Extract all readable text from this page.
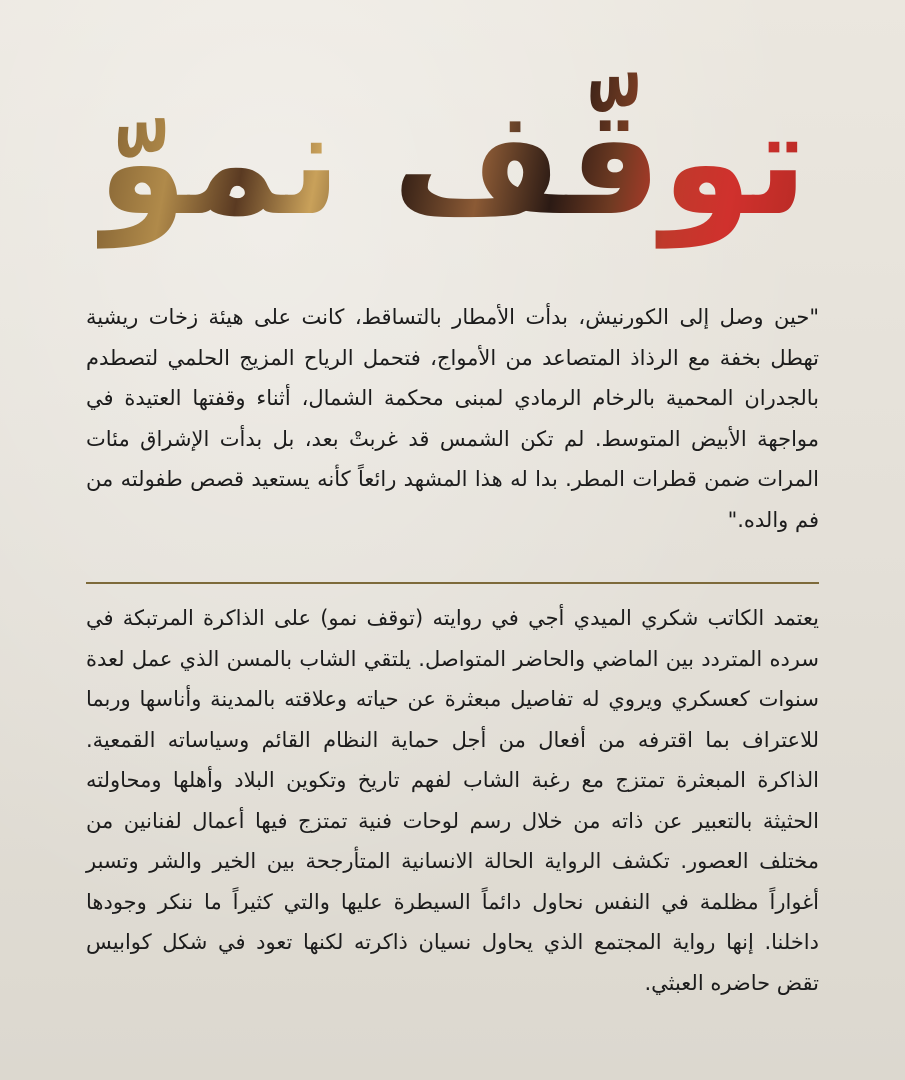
توقّف نموّ

"حين وصل إلى الكورنيش، بدأت الأمطار بالتساقط، كانت على هيئة زخات ريشية تهطل بخفة مع الرذاذ المتصاعد من الأمواج، فتحمل الرياح المزيج الحلمي لتصطدم بالجدران المحمية بالرخام الرمادي لمبنى محكمة الشمال، أثناء وقفتها العتيدة في مواجهة الأبيض المتوسط. لم تكن الشمس قد غربتْ بعد، بل بدأت الإشراق مئات المرات ضمن قطرات المطر. بدا له هذا المشهد رائعاً كأنه يستعيد قصص طفولته من فم والده."

يعتمد الكاتب شكري الميدي أجي في روايته (توقف نمو) على الذاكرة المرتبكة في سرده المتردد بين الماضي والحاضر المتواصل. يلتقي الشاب بالمسن الذي عمل لعدة سنوات كعسكري ويروي له تفاصيل مبعثرة عن حياته وعلاقته بالمدينة وأناسها وربما للاعتراف بما اقترفه من أفعال من أجل حماية النظام القائم وسياساته القمعية. الذاكرة المبعثرة تمتزج مع رغبة الشاب لفهم تاريخ وتكوين البلاد وأهلها ومحاولته الحثيثة بالتعبير عن ذاته من خلال رسم لوحات فنية تمتزج فيها أعمال لفنانين من مختلف العصور. تكشف الرواية الحالة الانسانية المتأرجحة بين الخير والشر وتسبر أغواراً مظلمة في النفس نحاول دائماً السيطرة عليها والتي كثيراً ما ننكر وجودها داخلنا. إنها رواية المجتمع الذي يحاول نسيان ذاكرته لكنها تعود في شكل كوابيس تقض حاضره العبثي.
